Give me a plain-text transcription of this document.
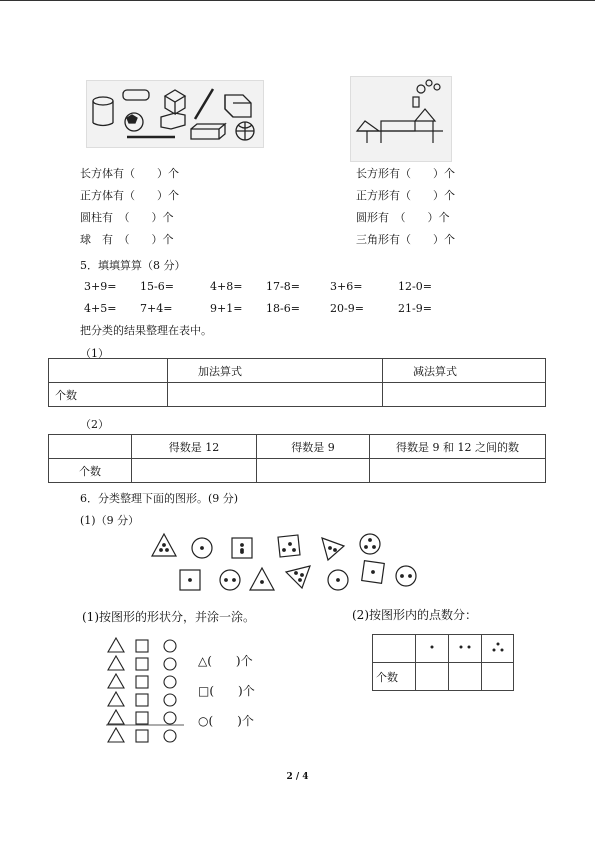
长方体有（　　 ）个
正方体有（　　 ）个
圆柱有　（　　 ）个
球　有　（　　 ）个
长方形有（　　 ）个
正方形有（　　 ）个
圆形有　（　　 ）个
三角形有（　　 ）个
5．填填算算（8 分）
3+9= 15-6=	4+8= 17-8=	3+6=	12-0=
4+5= 7+4=	9+1= 18-6=	20-9=	21-9=
把分类的结果整理在表中。
（1）
	加法算式	减法算式
个数		
（2）
	得数是 12	得数是 9	得数是 9 和 12 之间的数
个数			
6．分类整理下面的图形。(9 分)
(1)（9 分）
(1)按图形的形状分，并涂一涂。	(2)按图形内的点数分：
△(　　)个
□(　　)个
○(　　)个

个数			
2 / 4
